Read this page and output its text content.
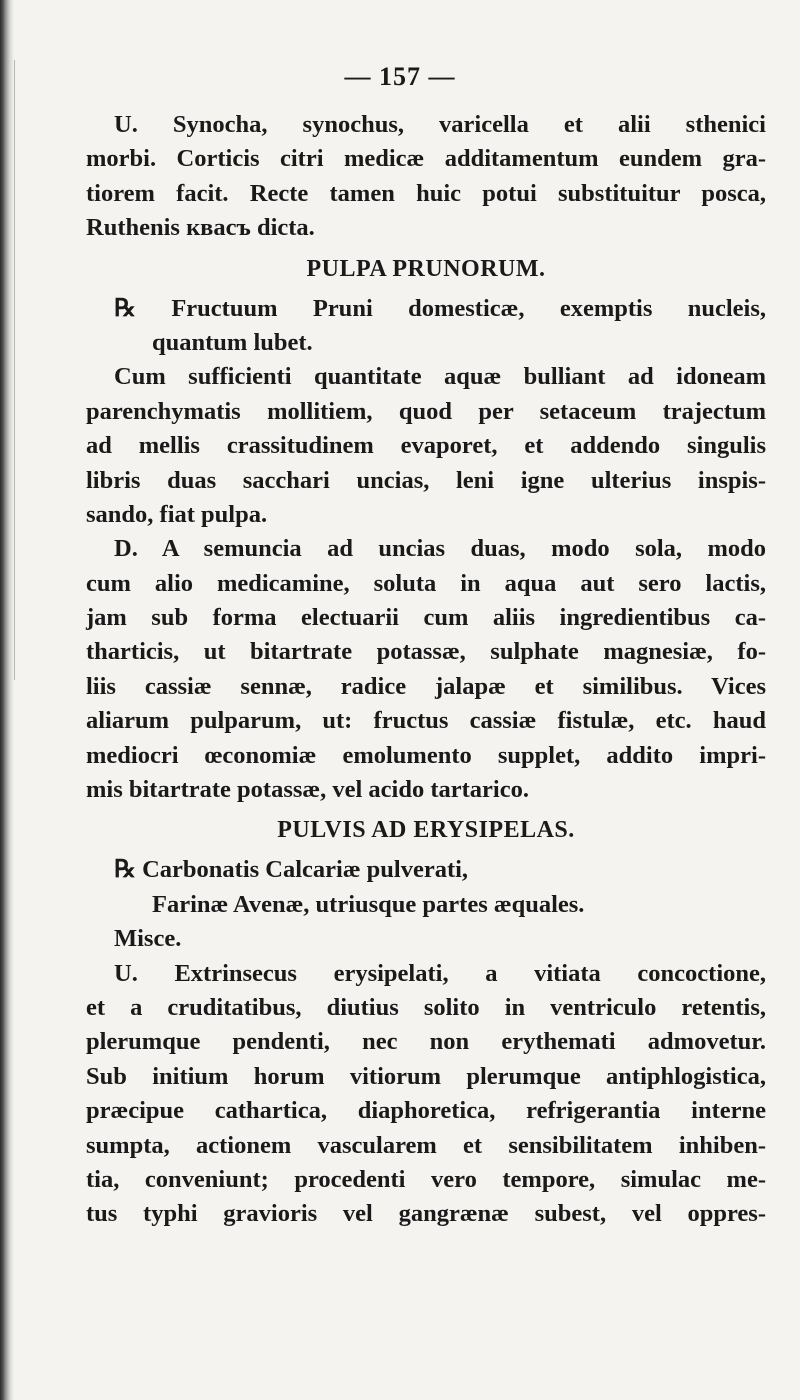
— 157 —
U. Synocha, synochus, varicella et alii sthenici
morbi. Corticis citri medicæ additamentum eundem gra-
tiorem facit. Recte tamen huic potui substituitur posca,
Ruthenis квасъ dicta.
PULPA PRUNORUM.
℞ Fructuum Pruni domesticæ, exemptis nucleis,
quantum lubet.
Cum sufficienti quantitate aquæ bulliant ad idoneam
parenchymatis mollitiem, quod per setaceum trajectum
ad mellis crassitudinem evaporet, et addendo singulis
libris duas sacchari uncias, leni igne ulterius inspis-
sando, fiat pulpa.
D. A semuncia ad uncias duas, modo sola, modo
cum alio medicamine, soluta in aqua aut sero lactis,
jam sub forma electuarii cum aliis ingredientibus ca-
tharticis, ut bitartrate potassæ, sulphate magnesiæ, fo-
liis cassiæ sennæ, radice jalapæ et similibus. Vices
aliarum pulparum, ut: fructus cassiæ fistulæ, etc. haud
mediocri œconomiæ emolumento supplet, addito impri-
mis bitartrate potassæ, vel acido tartarico.
PULVIS AD ERYSIPELAS.
℞ Carbonatis Calcariæ pulverati,
Farinæ Avenæ, utriusque partes æquales.
Misce.
U. Extrinsecus erysipelati, a vitiata concoctione,
et a cruditatibus, diutius solito in ventriculo retentis,
plerumque pendenti, nec non erythemati admovetur.
Sub initium horum vitiorum plerumque antiphlogistica,
præcipue cathartica, diaphoretica, refrigerantia interne
sumpta, actionem vascularem et sensibilitatem inhiben-
tia, conveniunt; procedenti vero tempore, simulac me-
tus typhi gravioris vel gangrænæ subest, vel oppres-
